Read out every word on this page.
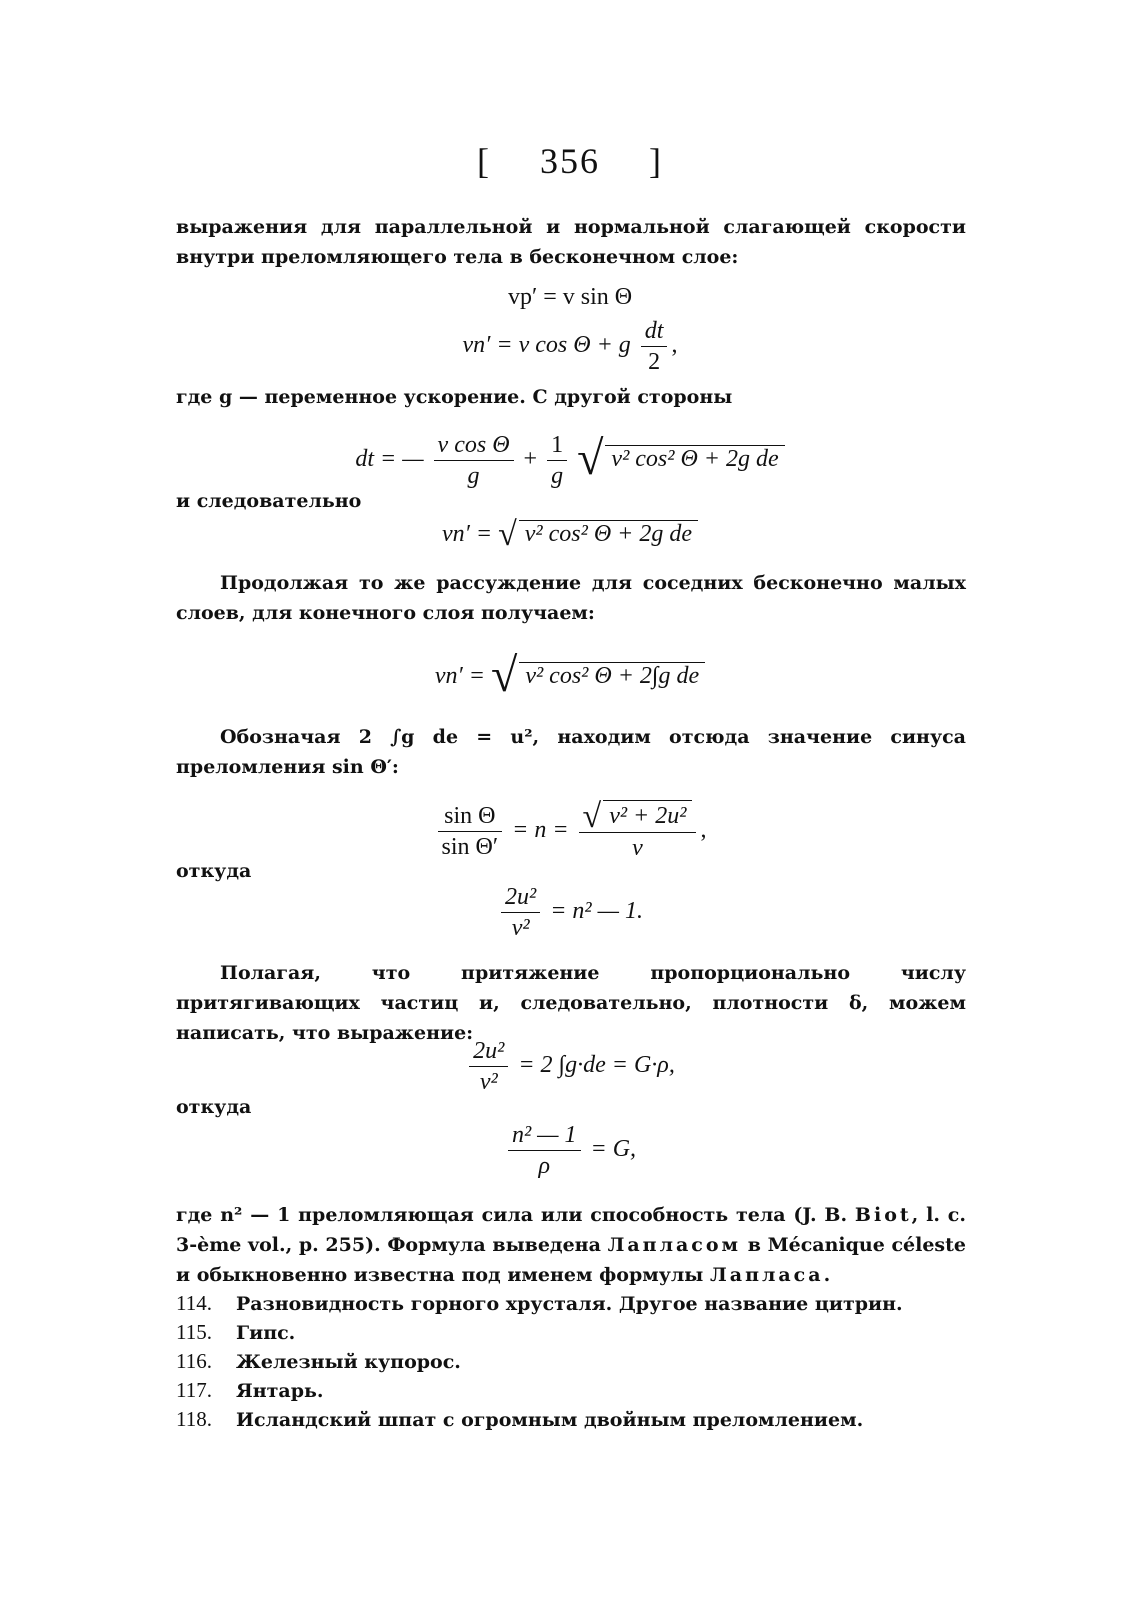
[ 356 ]
выражения для параллельной и нормальной слагающей скорости внутри преломляющего тела в бесконечном слое:
vp′ = v sin Θ
vn′ = v cos Θ + g $\frac{dt}{2}$ ,
где g — переменное ускорение. С другой стороны
dt = — $\frac{\text{v cos Θ}}{g} + \frac{1}{g}$ √ v² cos² Θ + 2g de
и следовательно
vn′ = √ v² cos² Θ + 2g de
Продолжая то же рассуждение для соседних бесконечно малых слоев, для конечного слоя получаем:
vn′ = √ v² cos² Θ + 2∫g de
Обозначая 2 ∫g de = u², находим отсюда значение синуса преломления sin Θ′:
$\frac{\text{sin Θ}}{\text{sin Θ′}} = n = \frac{\text{√ v² + 2u²}}{v}$ ,
откуда
$\frac{\text{2u²}}{\text{v²}} = n^2$ — 1.
Полагая, что притяжение пропорционально числу притягивающих частиц и, следовательно, плотности δ, можем написать, что выражение:
$\frac{\text{2u²}}{\text{v²}} = 2$ ∫g·de = G·ρ,
откуда
$\frac{\text{n² — 1}}{\rho} = G$,
где n² — 1 преломляющая сила или способность тела (J. B. Biot, l. c. 3-ème vol., p. 255). Формула выведена Лапласом в Mécanique céleste и обыкновенно известна под именем формулы Лапласа.
114. Разновидность горного хрусталя. Другое название цитрин.
115. Гипс.
116. Железный купорос.
117. Янтарь.
118. Исландский шпат с огромным двойным преломлением.
